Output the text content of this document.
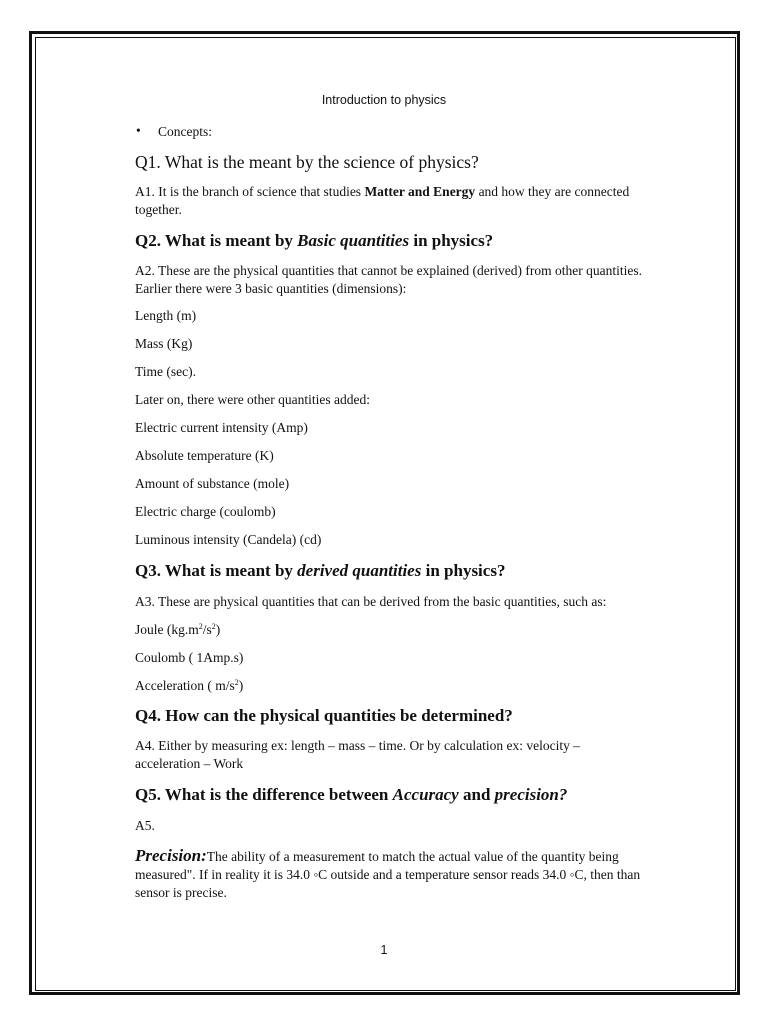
Introduction to physics
• Concepts:

Q1. What is the meant by the science of physics?

A1. It is the branch of science that studies Matter and Energy and how they are connected

together.

Q2. What is meant by Basic quantities in physics?

A2. These are the physical quantities that cannot be explained (derived) from other quantities.

Earlier there were 3 basic quantities (dimensions):

Length (m)

Mass (Kg)

Time (sec).

Later on, there were other quantities added:

Electric current intensity (Amp)

Absolute temperature (K)

Amount of substance (mole)

Electric charge (coulomb)

Luminous intensity (Candela) (cd)

Q3. What is meant by derived quantities in physics?

A3. These are physical quantities that can be derived from the basic quantities, such as:

Joule $(kg.m^2/s^2)$

Coulomb ( 1Amp.s)

Acceleration ( $m/s^2$)

Q4. How can the physical quantities be determined?

A4. Either by measuring ex: length – mass – time. Or by calculation ex: velocity –

acceleration – Work

Q5. What is the difference between Accuracy and precision?

A5.

Precision:The ability of a measurement to match the actual value of the quantity being

measured". If in reality it is 34.0 ◦C outside and a temperature sensor reads 34.0 ◦C, then than

sensor is precise.

1
